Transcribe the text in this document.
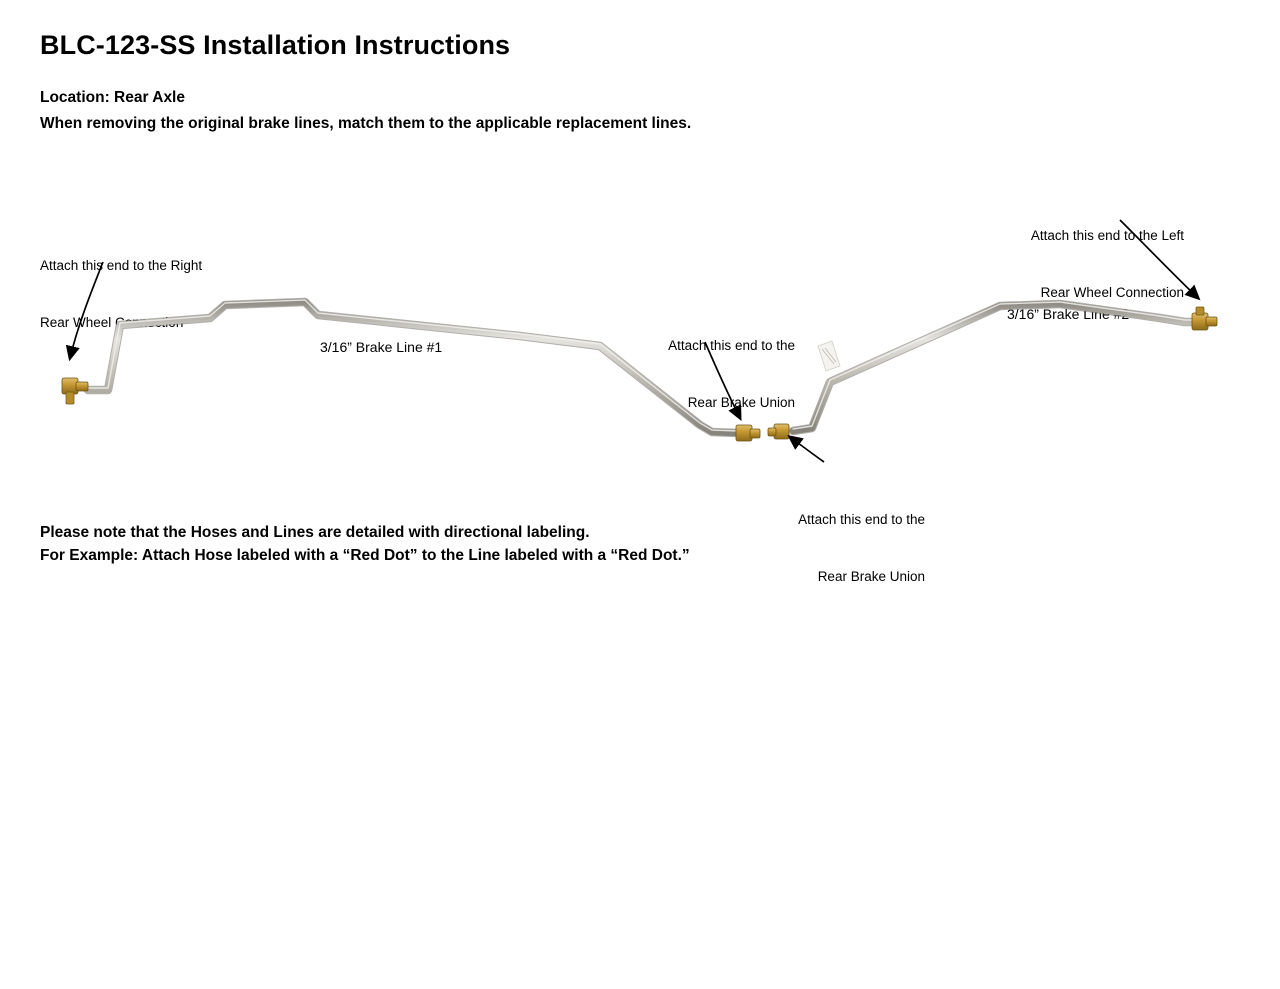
BLC-123-SS Installation Instructions
Location: Rear Axle
When removing the original brake lines, match them to the applicable replacement lines.

Attach this end to the Right

Rear Wheel Connection

Attach this end to the Left

Rear Wheel Connection

Attach this end to the

Rear Brake Union

Attach this end to the

Rear Brake Union

3/16” Brake Line #1
3/16” Brake Line #2
Please note that the Hoses and Lines are detailed with directional labeling.
For Example: Attach Hose labeled with a “Red Dot” to the Line labeled with a “Red Dot.”
